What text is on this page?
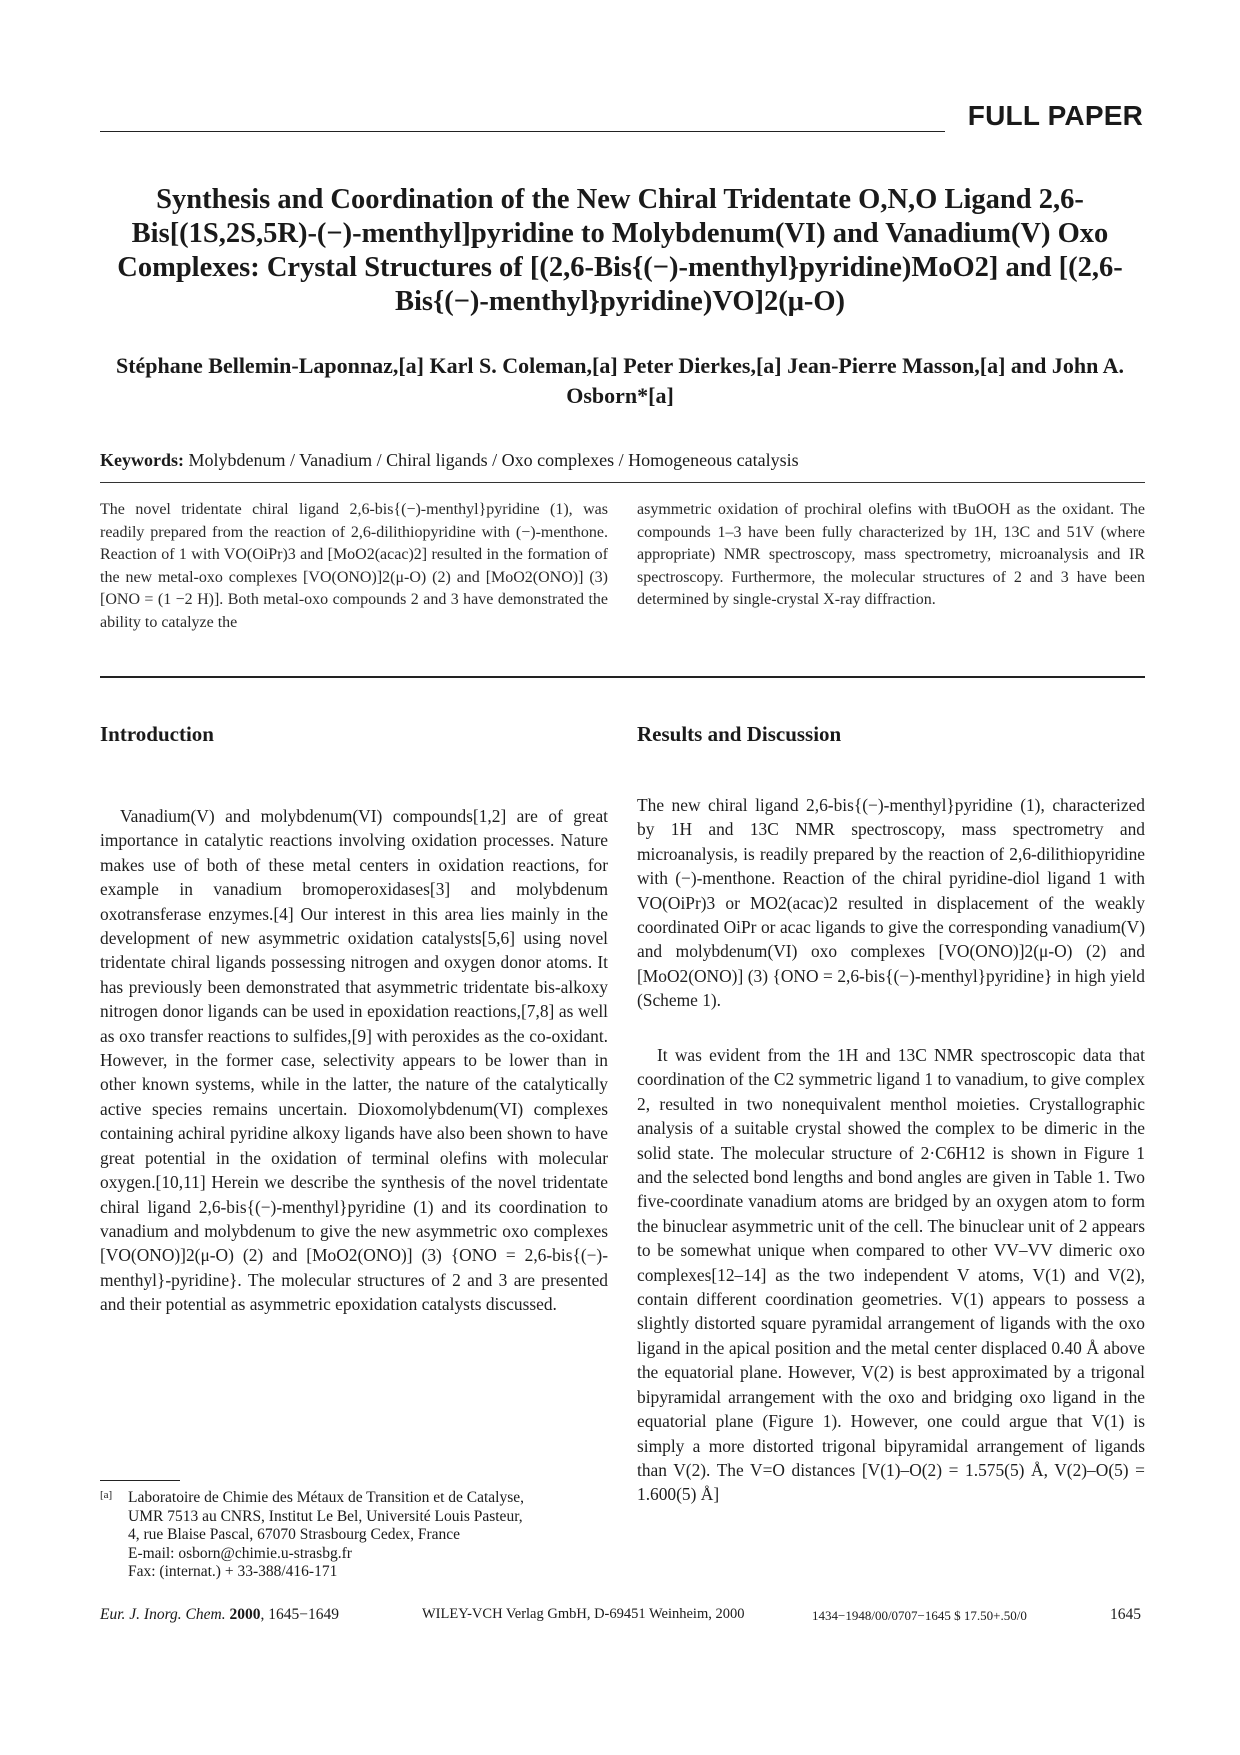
FULL PAPER
Synthesis and Coordination of the New Chiral Tridentate O,N,O Ligand 2,6-Bis[(1S,2S,5R)-(−)-menthyl]pyridine to Molybdenum(VI) and Vanadium(V) Oxo Complexes: Crystal Structures of [(2,6-Bis{(−)-menthyl}pyridine)MoO2] and [(2,6-Bis{(−)-menthyl}pyridine)VO]2(μ-O)
Stéphane Bellemin-Laponnaz,[a] Karl S. Coleman,[a] Peter Dierkes,[a] Jean-Pierre Masson,[a] and John A. Osborn*[a]
Keywords: Molybdenum / Vanadium / Chiral ligands / Oxo complexes / Homogeneous catalysis

The novel tridentate chiral ligand 2,6-bis{(−)-menthyl}pyridine (1), was readily prepared from the reaction of 2,6-dilithiopyridine with (−)-menthone. Reaction of 1 with VO(OiPr)3 and [MoO2(acac)2] resulted in the formation of the new metal-oxo complexes [VO(ONO)]2(μ-O) (2) and [MoO2(ONO)] (3) [ONO = (1 −2 H)]. Both metal-oxo compounds 2 and 3 have demonstrated the ability to catalyze the

asymmetric oxidation of prochiral olefins with tBuOOH as the oxidant. The compounds 1–3 have been fully characterized by 1H, 13C and 51V (where appropriate) NMR spectroscopy, mass spectrometry, microanalysis and IR spectroscopy. Furthermore, the molecular structures of 2 and 3 have been determined by single-crystal X-ray diffraction.

Introduction

Vanadium(V) and molybdenum(VI) compounds[1,2] are of great importance in catalytic reactions involving oxidation processes. Nature makes use of both of these metal centers in oxidation reactions, for example in vanadium bromoperoxidases[3] and molybdenum oxotransferase enzymes.[4] Our interest in this area lies mainly in the development of new asymmetric oxidation catalysts[5,6] using novel tridentate chiral ligands possessing nitrogen and oxygen donor atoms. It has previously been demonstrated that asymmetric tridentate bis-alkoxy nitrogen donor ligands can be used in epoxidation reactions,[7,8] as well as oxo transfer reactions to sulfides,[9] with peroxides as the co-oxidant. However, in the former case, selectivity appears to be lower than in other known systems, while in the latter, the nature of the catalytically active species remains uncertain. Dioxomolybdenum(VI) complexes containing achiral pyridine alkoxy ligands have also been shown to have great potential in the oxidation of terminal olefins with molecular oxygen.[10,11] Herein we describe the synthesis of the novel tridentate chiral ligand 2,6-bis{(−)-menthyl}pyridine (1) and its coordination to vanadium and molybdenum to give the new asymmetric oxo complexes [VO(ONO)]2(μ-O) (2) and [MoO2(ONO)] (3) {ONO = 2,6-bis{(−)-menthyl}-pyridine}. The molecular structures of 2 and 3 are presented and their potential as asymmetric epoxidation catalysts discussed.

Results and Discussion

The new chiral ligand 2,6-bis{(−)-menthyl}pyridine (1), characterized by 1H and 13C NMR spectroscopy, mass spectrometry and microanalysis, is readily prepared by the reaction of 2,6-dilithiopyridine with (−)-menthone. Reaction of the chiral pyridine-diol ligand 1 with VO(OiPr)3 or MO2(acac)2 resulted in displacement of the weakly coordinated OiPr or acac ligands to give the corresponding vanadium(V) and molybdenum(VI) oxo complexes [VO(ONO)]2(μ-O) (2) and [MoO2(ONO)] (3) {ONO = 2,6-bis{(−)-menthyl}pyridine} in high yield (Scheme 1).

It was evident from the 1H and 13C NMR spectroscopic data that coordination of the C2 symmetric ligand 1 to vanadium, to give complex 2, resulted in two nonequivalent menthol moieties. Crystallographic analysis of a suitable crystal showed the complex to be dimeric in the solid state. The molecular structure of 2·C6H12 is shown in Figure 1 and the selected bond lengths and bond angles are given in Table 1. Two five-coordinate vanadium atoms are bridged by an oxygen atom to form the binuclear asymmetric unit of the cell. The binuclear unit of 2 appears to be somewhat unique when compared to other VV–VV dimeric oxo complexes[12–14] as the two independent V atoms, V(1) and V(2), contain different coordination geometries. V(1) appears to possess a slightly distorted square pyramidal arrangement of ligands with the oxo ligand in the apical position and the metal center displaced 0.40 Å above the equatorial plane. However, V(2) is best approximated by a trigonal bipyramidal arrangement with the oxo and bridging oxo ligand in the equatorial plane (Figure 1). However, one could argue that V(1) is simply a more distorted trigonal bipyramidal arrangement of ligands than V(2). The V=O distances [V(1)–O(2) = 1.575(5) Å, V(2)–O(5) = 1.600(5) Å]

[a] Laboratoire de Chimie des Métaux de Transition et de Catalyse,
UMR 7513 au CNRS, Institut Le Bel, Université Louis Pasteur,
4, rue Blaise Pascal, 67070 Strasbourg Cedex, France
E-mail: osborn@chimie.u-strasbg.fr
Fax: (internat.) + 33-388/416-171
Eur. J. Inorg. Chem. 2000, 1645−1649	WILEY-VCH Verlag GmbH, D-69451 Weinheim, 2000	1434−1948/00/0707−1645 $ 17.50+.50/0	1645
